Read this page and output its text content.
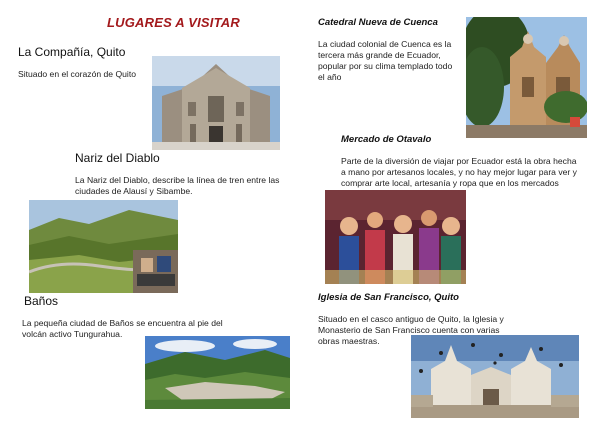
LUGARES A VISITAR
La Compañía, Quito
Situado en el corazón de Quito
Nariz del Diablo
La Nariz del Diablo, describe la línea de tren entre las
ciudades de Alausí y Sibambe.
Baños
La pequeña ciudad de Baños se encuentra al pie del
volcán activo Tungurahua.
Catedral Nueva de Cuenca
La ciudad colonial de Cuenca es la
tercera más grande de Ecuador,
popular por su clima templado todo
el año
Mercado de Otavalo
Parte de la diversión de viajar por Ecuador está la obra hecha
a mano por artesanos locales, y no hay mejor lugar para ver y
comprar arte local, artesanía y ropa que en los mercados
Iglesia de San Francisco, Quito
Situado en el casco antiguo de Quito, la Iglesia y
Monasterio de San Francisco cuenta con varias
obras maestras.
